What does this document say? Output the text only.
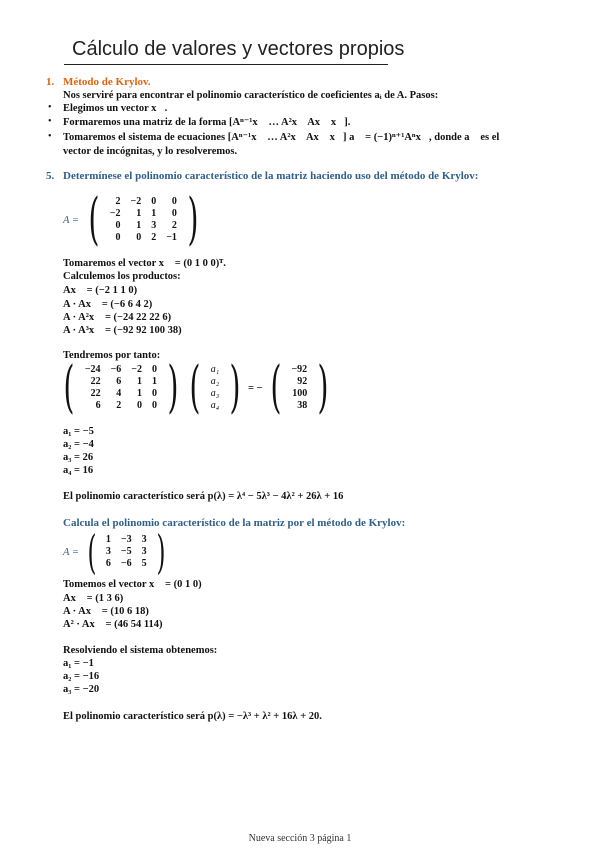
Cálculo de valores y vectores propios
1. Método de Krylov.
Nos serviré para encontrar el polinomio característico de coeficientes aᵢ de A. Pasos:
• Elegimos un vector x⃗.
• Formaremos una matriz de la forma [Aⁿ⁻¹x⃗ … A²x⃗ Ax⃗ x⃗].
• Tomaremos el sistema de ecuaciones [Aⁿ⁻¹x⃗ … A²x⃗ Ax⃗ x⃗] a⃗ = (−1)ⁿ⁺¹Aⁿx⃗, donde a⃗ es el
vector de incógnitas, y lo resolveremos.
5. Determínese el polinomio característico de la matriz haciendo uso del método de Krylov:
A = ( 2	−2	0	0
−2	1	1	0
0	1	3	2
0	0	2	−1 )
Tomaremos el vector x⃗ = (0 1 0 0)ᵀ.
Calculemos los productos:
Ax⃗ = (−2 1 1 0)
A · Ax⃗ = (−6 6 4 2)
A · A²x⃗ = (−24 22 22 6)
A · A³x⃗ = (−92 92 100 38)
Tendremos por tanto:
( −24	−6	−2	0
22	6	1	1
22	4	1	0
6	2	0	0 ) ( a₁
a₂
a₃
a₄ ) = − ( −92
92
100
38 )
a₁ = −5
a₂ = −4
a₃ = 26
a₄ = 16
El polinomio característico será p(λ) = λ⁴ − 5λ³ − 4λ² + 26λ + 16
Calcula el polinomio característico de la matriz por el método de Krylov:
A = ( 1	−3	3
3	−5	3
6	−6	5 )
Tomemos el vector x⃗ = (0 1 0)
Ax⃗ = (1 3 6)
A · Ax⃗ = (10 6 18)
A² · Ax⃗ = (46 54 114)
Resolviendo el sistema obtenemos:
a₁ = −1
a₂ = −16
a₃ = −20
El polinomio característico será p(λ) = −λ³ + λ² + 16λ + 20.
Nueva sección 3 página 1
